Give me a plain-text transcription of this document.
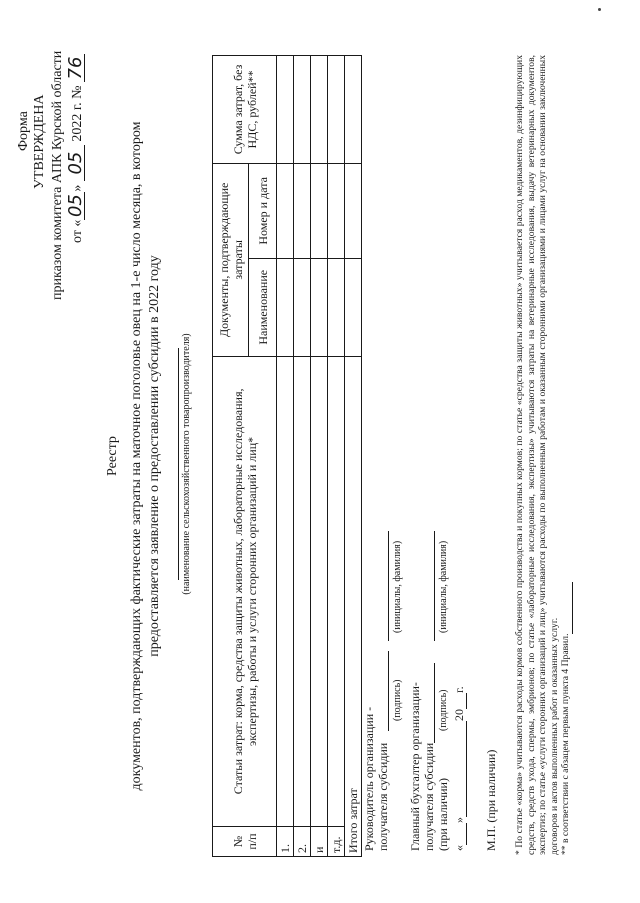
Форма УТВЕРЖДЕНА приказом комитета АПК Курской области от «05» 05 2022 г. № 76
Реестр документов, подтверждающих фактические затраты на маточное поголовье овец на 1-е число месяца, в котором предоставляется заявление о предоставлении субсидии в 2022 году (наименование сельскохозяйственного товаропроизводителя)
№ п/п	Статьи затрат: корма, средства защиты животных, лабораторные исследования, экспертизы, работы и услуги сторонних организаций и лиц*	Документы, подтверждающие затраты		Сумма затрат, без НДС, рублей**
		Наименование	Номер и дата	
1.				
2.				
и				
т.д.				
Итого затрат				Руководитель организации - получателя субсидии
(подпись)
(инициалы, фамилия)
Главный бухгалтер организации- получателя субсидии (при наличии)
(подпись)
(инициалы, фамилия)
« » 20 г.
М.П. (при наличии) * По статье «корма» учитываются расходы кормов собственного производства и покупных кормов; по статье «средства защиты животных» учитывается расход медикаментов, дезинфицирующих средств, средств ухода, спермы, эмбрионов; по статье «лабораторные исследования, экспертизы» учитываются затраты на ветеринарные исследования, выдачу ветеринарных документов, экспертиз; по статье «услуги сторонних организаций и лиц» учитываются расходы по выполненным работам и оказанным сторонними организациями и лицами услуг на основании заключенных договоров и актов выполненных работ и оказанных услуг. ** в соответствии с абзацем первым пункта 4 Правил.
